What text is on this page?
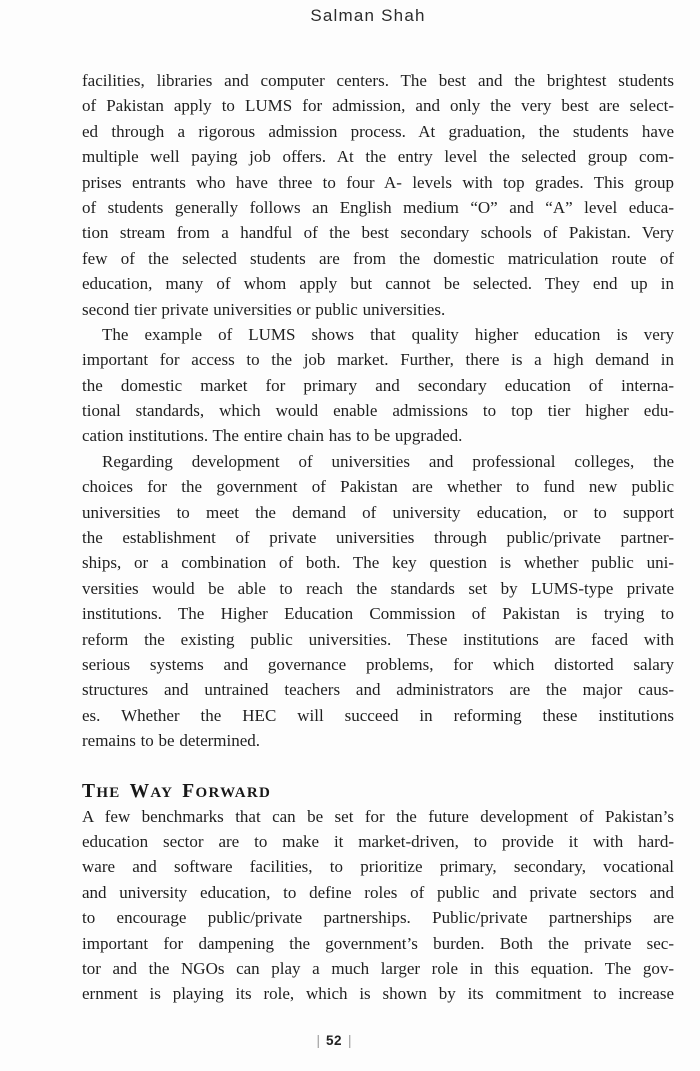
Salman Shah
facilities, libraries and computer centers. The best and the brightest students
of Pakistan apply to LUMS for admission, and only the very best are select-
ed through a rigorous admission process. At graduation, the students have
multiple well paying job offers. At the entry level the selected group com-
prises entrants who have three to four A- levels with top grades. This group
of students generally follows an English medium “O” and “A” level educa-
tion stream from a handful of the best secondary schools of Pakistan. Very
few of the selected students are from the domestic matriculation route of
education, many of whom apply but cannot be selected. They end up in
second tier private universities or public universities.
The example of LUMS shows that quality higher education is very
important for access to the job market. Further, there is a high demand in
the domestic market for primary and secondary education of interna-
tional standards, which would enable admissions to top tier higher edu-
cation institutions. The entire chain has to be upgraded.
Regarding development of universities and professional colleges, the
choices for the government of Pakistan are whether to fund new public
universities to meet the demand of university education, or to support
the establishment of private universities through public/private partner-
ships, or a combination of both. The key question is whether public uni-
versities would be able to reach the standards set by LUMS-type private
institutions. The Higher Education Commission of Pakistan is trying to
reform the existing public universities. These institutions are faced with
serious systems and governance problems, for which distorted salary
structures and untrained teachers and administrators are the major caus-
es. Whether the HEC will succeed in reforming these institutions
remains to be determined.
THE WAY FORWARD
A few benchmarks that can be set for the future development of Pakistan’s
education sector are to make it market-driven, to provide it with hard-
ware and software facilities, to prioritize primary, secondary, vocational
and university education, to define roles of public and private sectors and
to encourage public/private partnerships. Public/private partnerships are
important for dampening the government’s burden. Both the private sec-
tor and the NGOs can play a much larger role in this equation. The gov-
ernment is playing its role, which is shown by its commitment to increase
| 52 |
